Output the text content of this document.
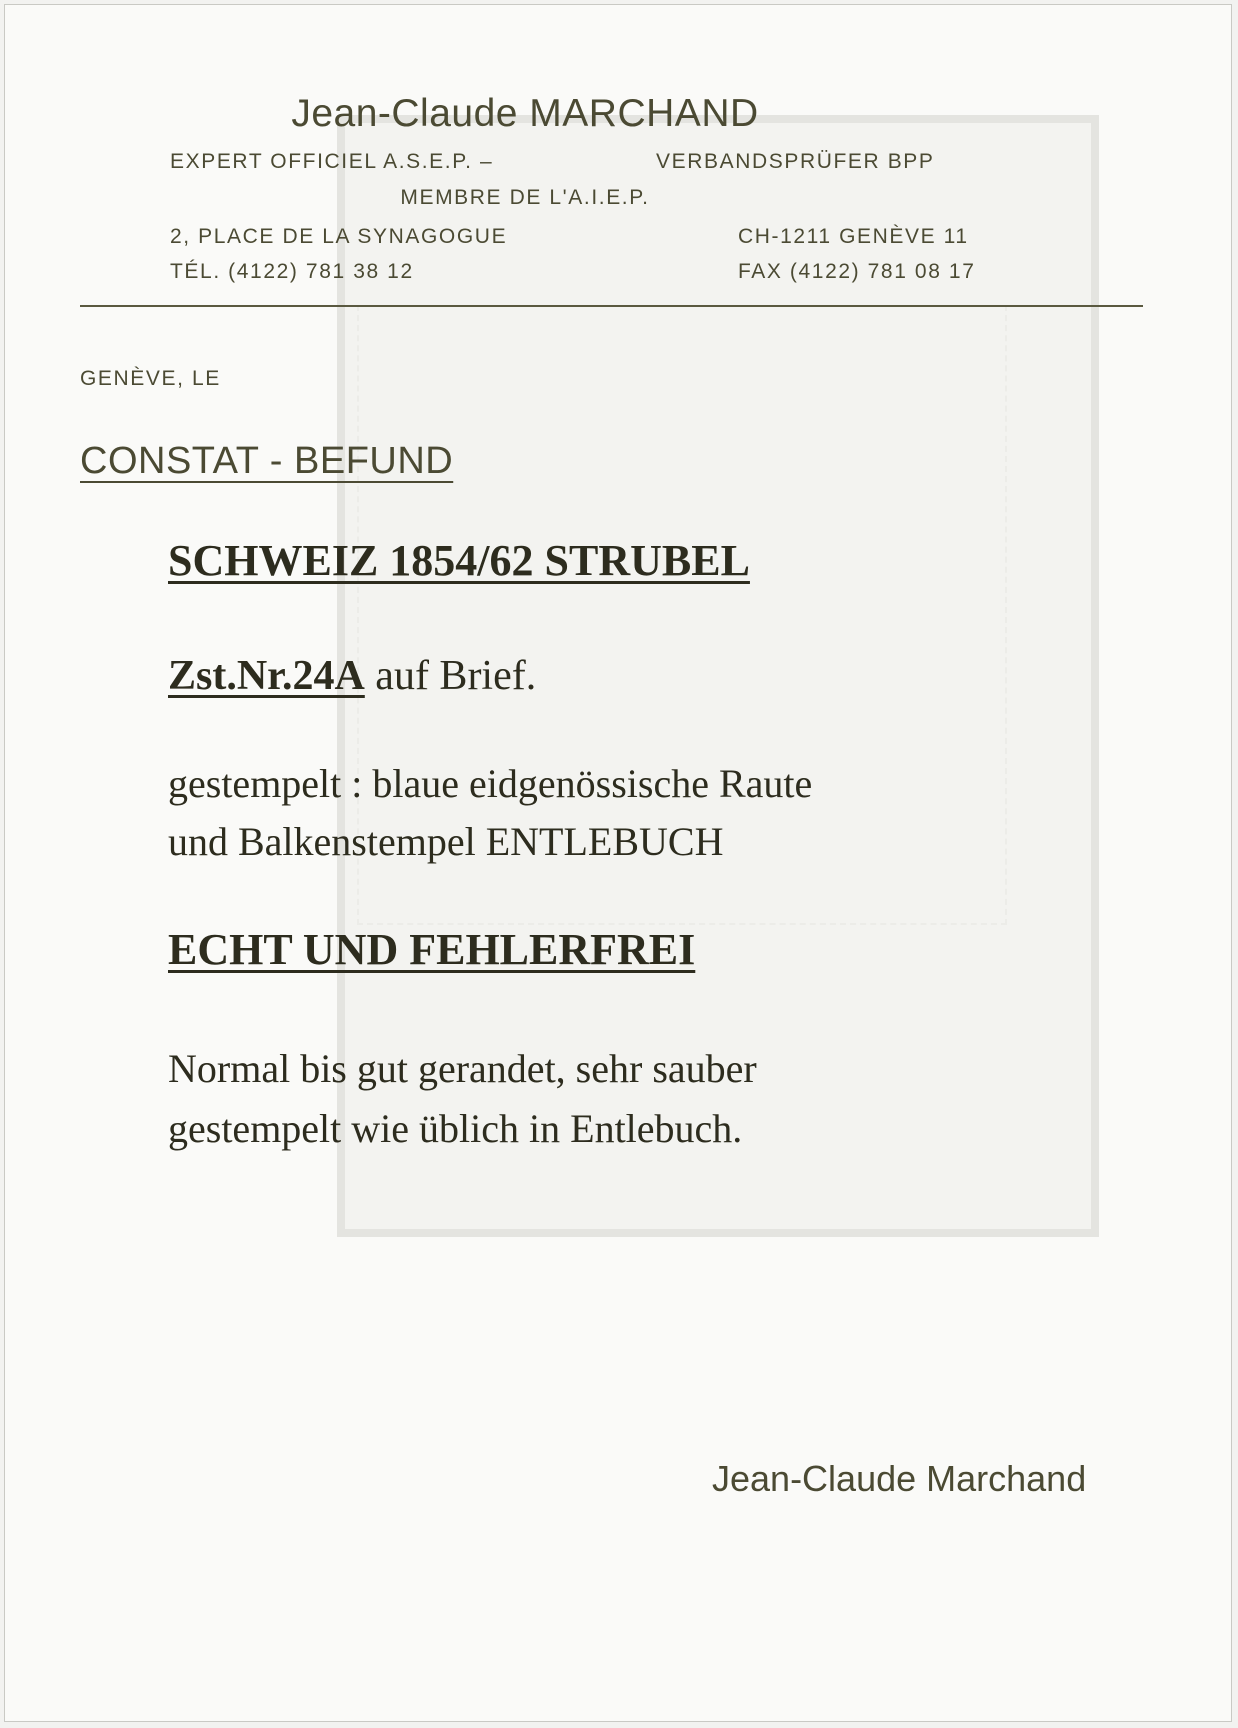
Jean-Claude MARCHAND
EXPERT OFFICIEL A.S.E.P. –	VERBANDSPRÜFER BPP
MEMBRE DE L'A.I.E.P.
2, PLACE DE LA SYNAGOGUE	CH-1211 GENÈVE 11
TÉL. (4122) 781 38 12	FAX (4122) 781 08 17
GENÈVE, LE
CONSTAT - BEFUND
SCHWEIZ 1854/62 STRUBEL
Zst.Nr.24A auf Brief.
gestempelt : blaue eidgenössische Raute
und Balkenstempel ENTLEBUCH
ECHT UND FEHLERFREI
Normal bis gut gerandet, sehr sauber
gestempelt wie üblich in Entlebuch.
Jean-Claude Marchand
